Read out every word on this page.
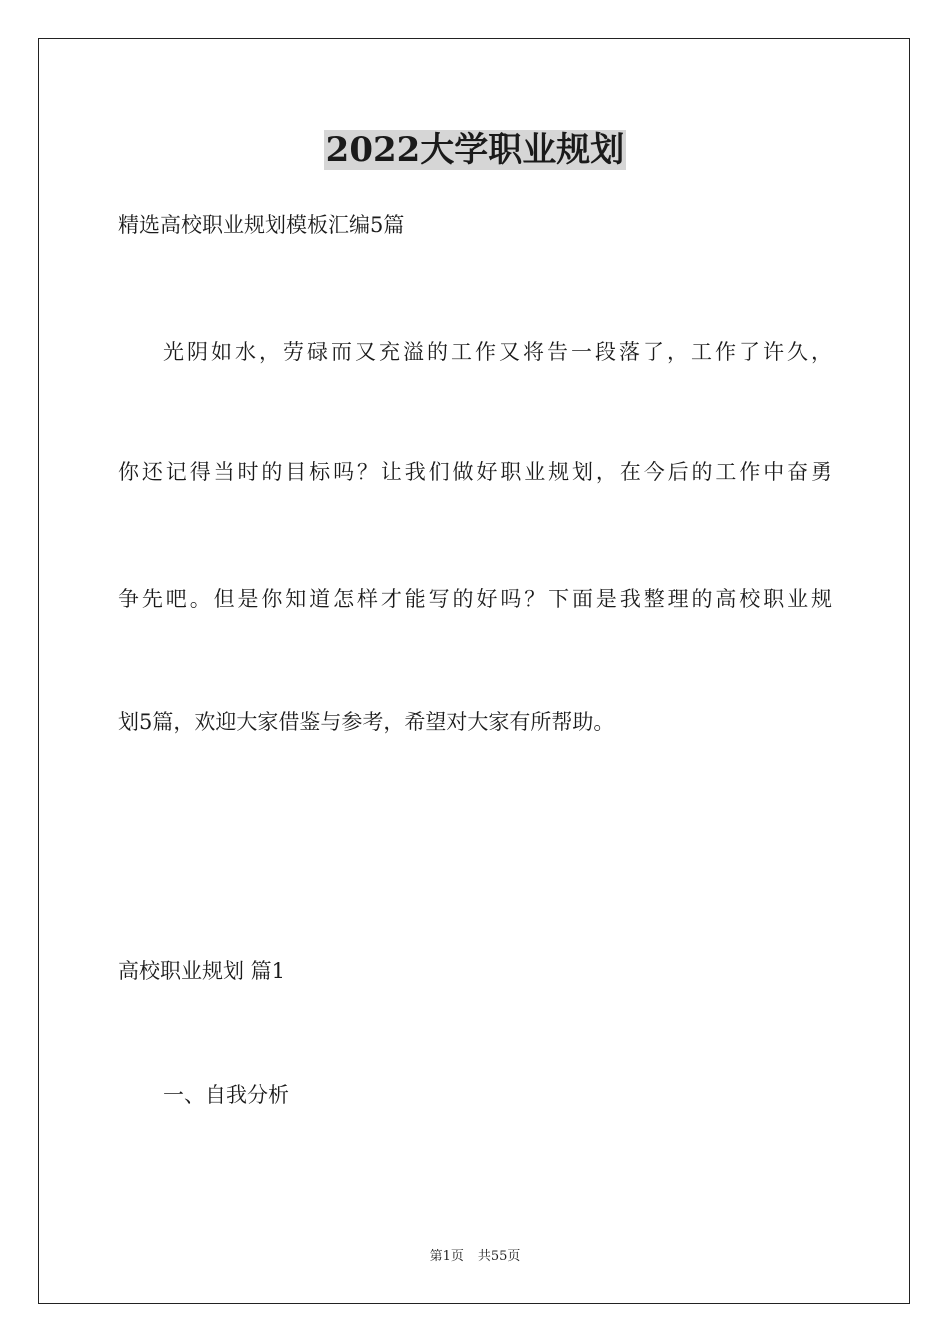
2022大学职业规划

精选高校职业规划模板汇编5篇

光阴如水，劳碌而又充溢的工作又将告一段落了，工作了许久，

你还记得当时的目标吗？让我们做好职业规划，在今后的工作中奋勇

争先吧。但是你知道怎样才能写的好吗？下面是我整理的高校职业规

划5篇，欢迎大家借鉴与参考，希望对大家有所帮助。

高校职业规划 篇1

一、自我分析

第1页 共55页
